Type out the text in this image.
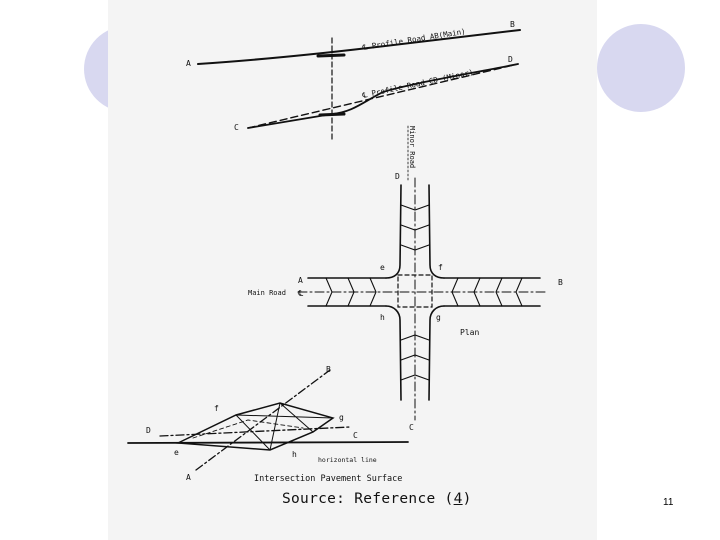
℄ Profile Road AB(Main)
A
B
℄ Profile Road CD (Minor)
C
D
Minor Road
D
C
A	B
Main Road ℄
e	f
g
h
Plan
B
f
g
D
C
e	h
horizontal line
A	Intersection Pavement Surface
Source: Reference (4)	11
